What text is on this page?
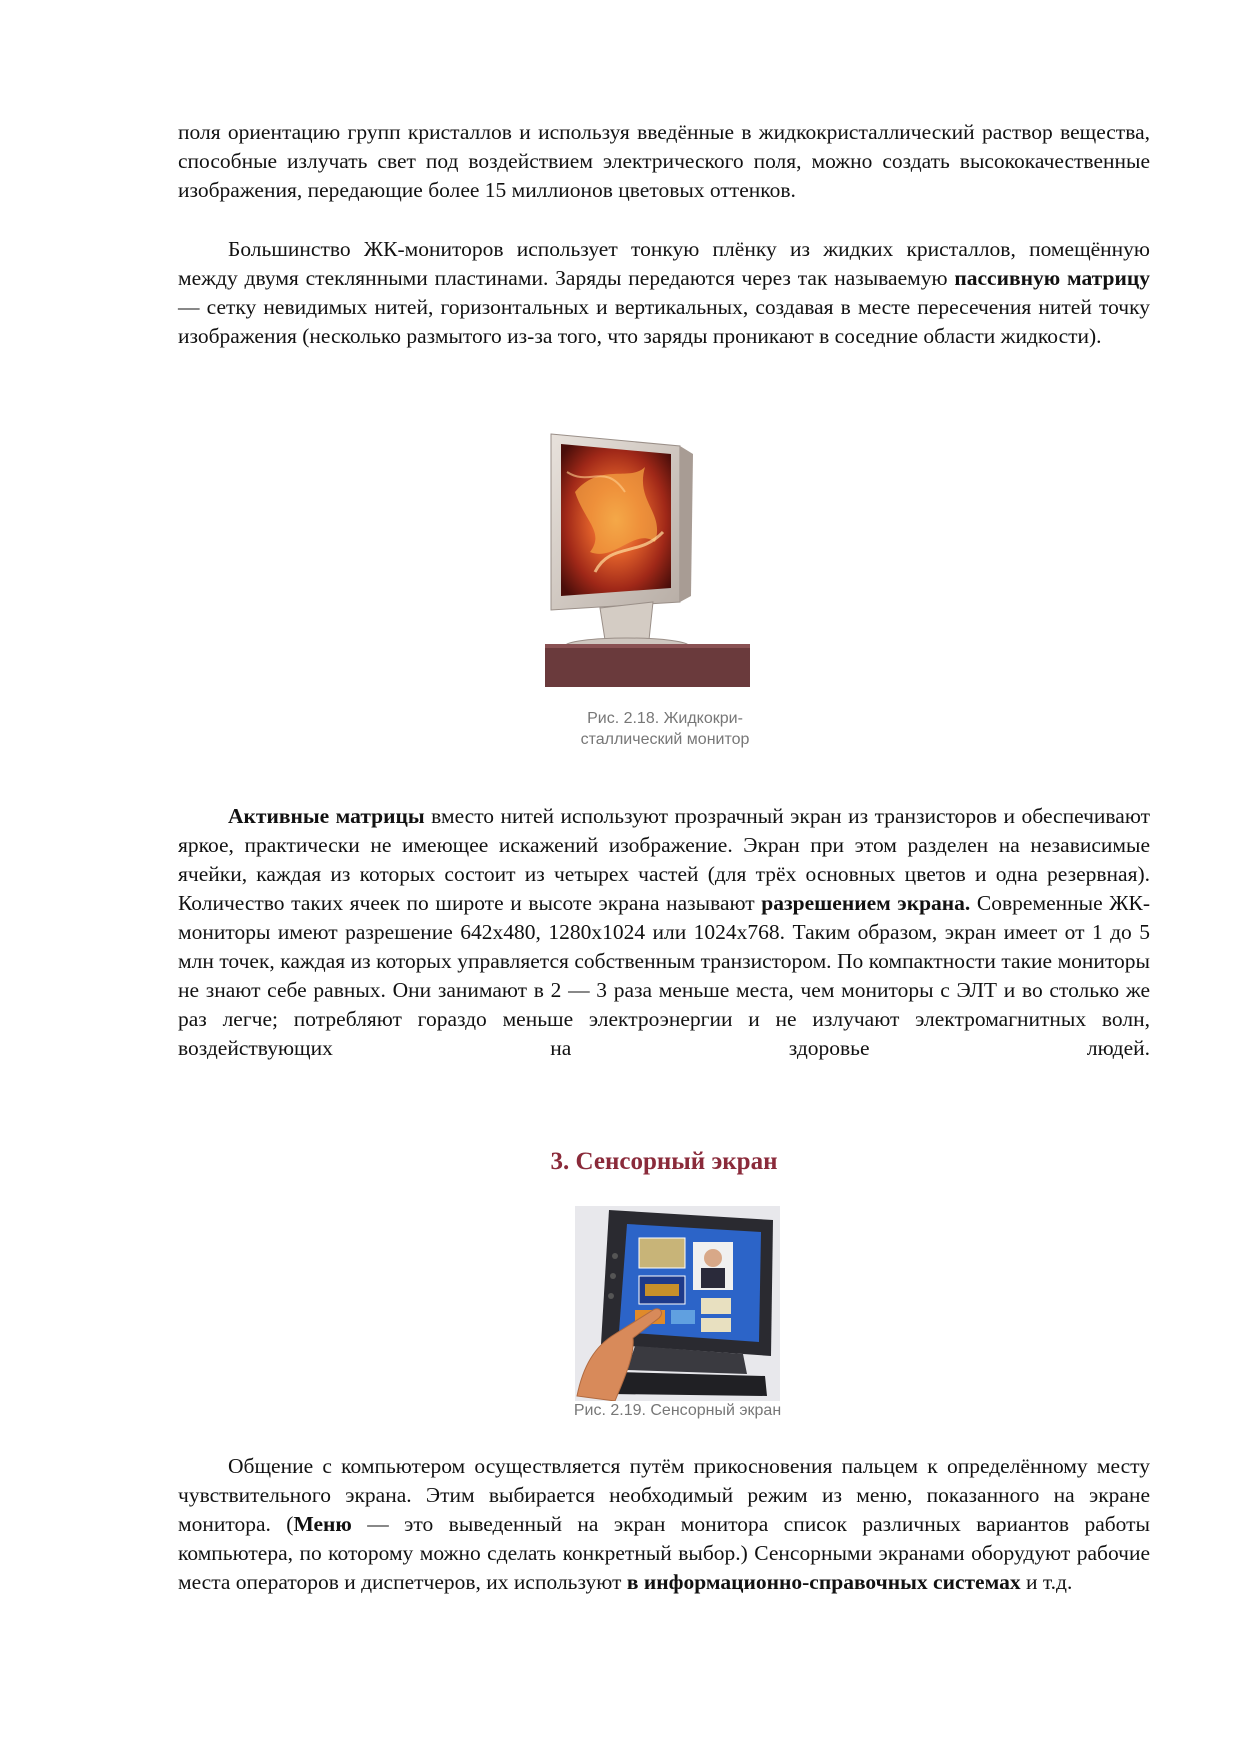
поля ориентацию групп кристаллов и используя введённые в жидкокристаллический раствор вещества, способные излучать свет под воздействием электрического поля, можно создать высококачественные изображения, передающие более 15 миллионов цветовых оттенков.

Большинство ЖК-мониторов использует тонкую плёнку из жидких кристаллов, помещённую между двумя стеклянными пластинами. Заряды передаются через так называемую пассивную матрицу — сетку невидимых нитей, горизонтальных и вертикальных, создавая в месте пересечения нитей точку изображения (несколько размытого из-за того, что заряды проникают в соседние области жидкости).

Рис. 2.18. Жидкокри-
сталлический монитор

Активные матрицы вместо нитей используют прозрачный экран из транзисторов и обеспечивают яркое, практически не имеющее искажений изображение. Экран при этом разделен на независимые ячейки, каждая из которых состоит из четырех частей (для трёх основных цветов и одна резервная). Количество таких ячеек по широте и высоте экрана называют разрешением экрана. Современные ЖК-мониторы имеют разрешение 642x480, 1280x1024 или 1024x768. Таким образом, экран имеет от 1 до 5 млн точек, каждая из которых управляется собственным транзистором. По компактности такие мониторы не знают себе равных. Они занимают в 2 — 3 раза меньше места, чем мониторы с ЭЛТ и во столько же раз легче; потребляют гораздо меньше электроэнергии и не излучают электромагнитных волн, воздействующих на здоровье людей.

3. Сенсорный экран
Рис. 2.19. Сенсорный экран

Общение с компьютером осуществляется путём прикосновения пальцем к определённому месту чувствительного экрана. Этим выбирается необходимый режим из меню, показанного на экране монитора. (Меню — это выведенный на экран монитора список различных вариантов работы компьютера, по которому можно сделать конкретный выбор.) Сенсорными экранами оборудуют рабочие места операторов и диспетчеров, их используют в информационно-справочных системах и т.д.
